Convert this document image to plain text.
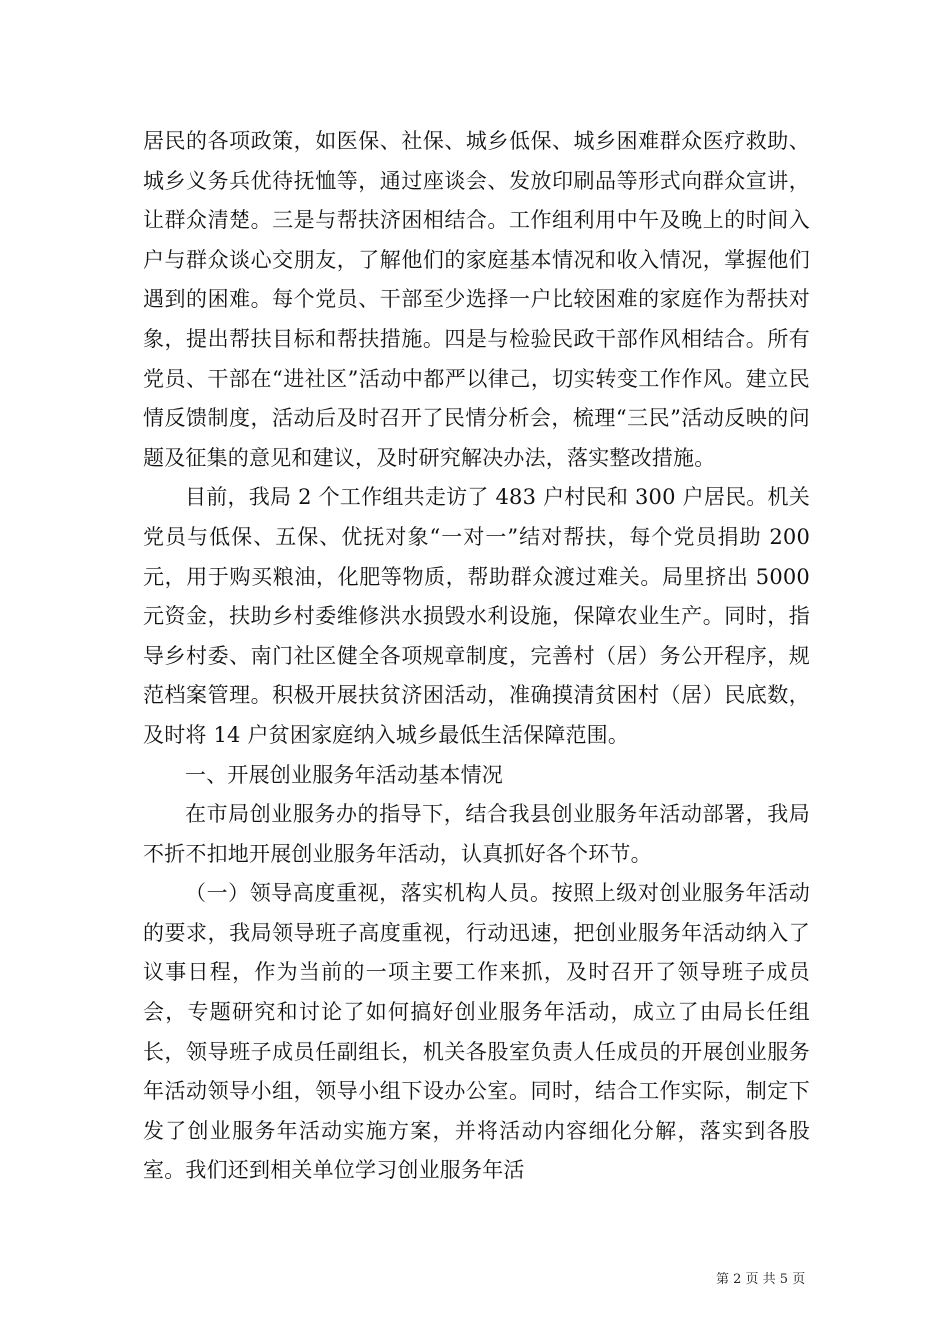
居民的各项政策，如医保、社保、城乡低保、城乡困难群众医疗救助、城乡义务兵优待抚恤等，通过座谈会、发放印刷品等形式向群众宣讲，让群众清楚。三是与帮扶济困相结合。工作组利用中午及晚上的时间入户与群众谈心交朋友，了解他们的家庭基本情况和收入情况，掌握他们遇到的困难。每个党员、干部至少选择一户比较困难的家庭作为帮扶对象，提出帮扶目标和帮扶措施。四是与检验民政干部作风相结合。所有党员、干部在“进社区”活动中都严以律己，切实转变工作作风。建立民情反馈制度，活动后及时召开了民情分析会，梳理“三民”活动反映的问题及征集的意见和建议，及时研究解决办法，落实整改措施。

目前，我局 2 个工作组共走访了 483 户村民和 300 户居民。机关党员与低保、五保、优抚对象“一对一”结对帮扶，每个党员捐助 200 元，用于购买粮油，化肥等物质，帮助群众渡过难关。局里挤出 5000 元资金，扶助乡村委维修洪水损毁水利设施，保障农业生产。同时，指导乡村委、南门社区健全各项规章制度，完善村（居）务公开程序，规范档案管理。积极开展扶贫济困活动，准确摸清贫困村（居）民底数，及时将 14 户贫困家庭纳入城乡最低生活保障范围。

一、开展创业服务年活动基本情况

在市局创业服务办的指导下，结合我县创业服务年活动部署，我局不折不扣地开展创业服务年活动，认真抓好各个环节。

（一）领导高度重视，落实机构人员。按照上级对创业服务年活动的要求，我局领导班子高度重视，行动迅速，把创业服务年活动纳入了议事日程，作为当前的一项主要工作来抓，及时召开了领导班子成员会，专题研究和讨论了如何搞好创业服务年活动，成立了由局长任组长，领导班子成员任副组长，机关各股室负责人任成员的开展创业服务年活动领导小组，领导小组下设办公室。同时，结合工作实际，制定下发了创业服务年活动实施方案，并将活动内容细化分解，落实到各股室。我们还到相关单位学习创业服务年活

第 2 页 共 5 页
